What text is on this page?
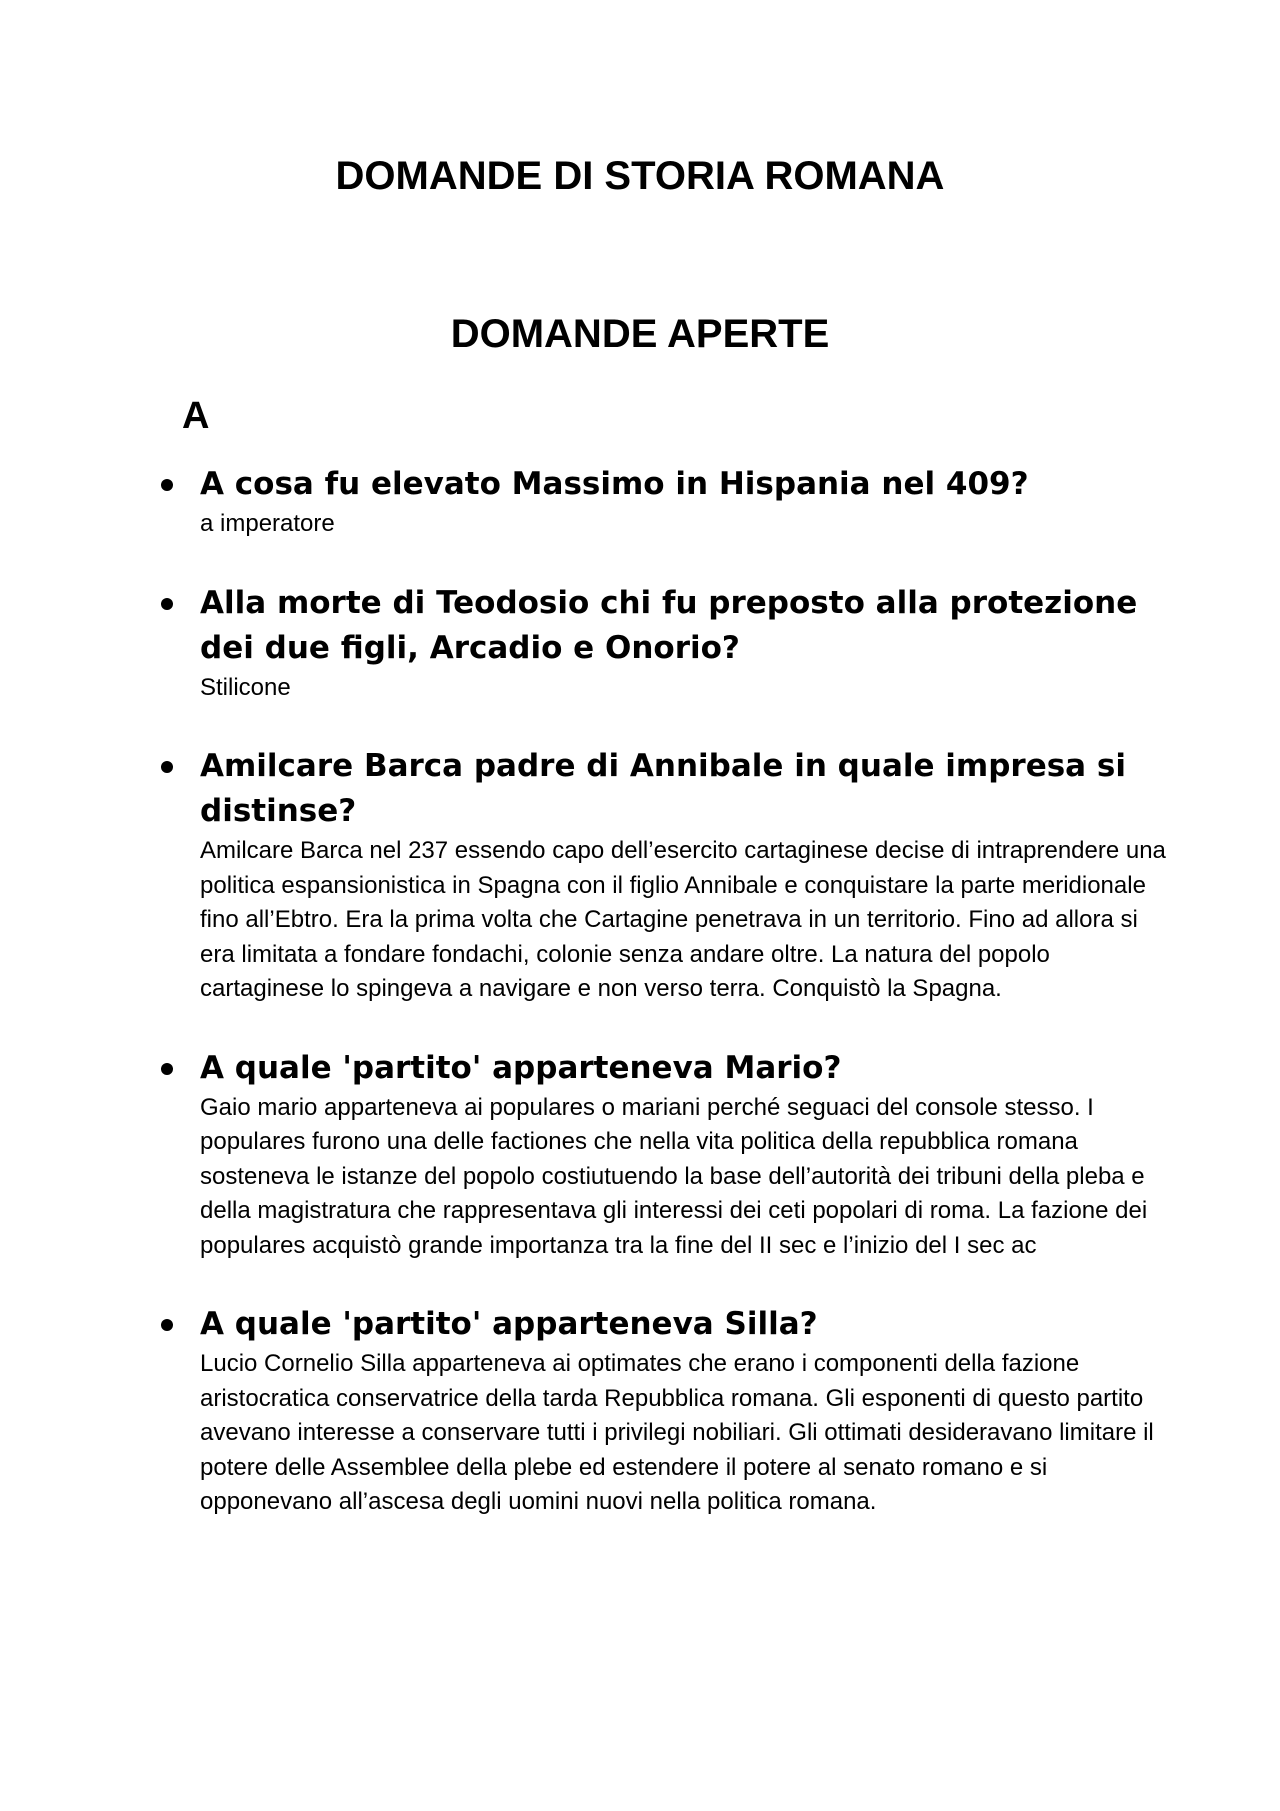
DOMANDE DI STORIA ROMANA
DOMANDE APERTE
A

A cosa fu elevato Massimo in Hispania nel 409?

a imperatore

Alla morte di Teodosio chi fu preposto alla protezione dei due figli, Arcadio e Onorio?

Stilicone

Amilcare Barca padre di Annibale in quale impresa si distinse?

Amilcare Barca nel 237 essendo capo dell’esercito cartaginese decise di intraprendere una politica espansionistica in Spagna con il figlio Annibale e conquistare la parte meridionale fino all’Ebtro. Era la prima volta che Cartagine penetrava in un territorio. Fino ad allora si era limitata a fondare fondachi, colonie senza andare oltre. La natura del popolo cartaginese lo spingeva a navigare e non verso terra. Conquistò la Spagna.

A quale 'partito' apparteneva Mario?

Gaio mario apparteneva ai populares o mariani perché seguaci del console stesso. I populares furono una delle factiones che nella vita politica della repubblica romana sosteneva le istanze del popolo costiutuendo la base dell’autorità dei tribuni della pleba e della magistratura che rappresentava gli interessi dei ceti popolari di roma. La fazione dei populares acquistò grande importanza tra la fine del II sec e l’inizio del I sec ac

A quale 'partito' apparteneva Silla?

Lucio Cornelio Silla apparteneva ai optimates che erano i componenti della fazione aristocratica conservatrice della tarda Repubblica romana. Gli esponenti di questo partito avevano interesse a conservare tutti i privilegi nobiliari. Gli ottimati desideravano limitare il potere delle Assemblee della plebe ed estendere il potere al senato romano e si opponevano all’ascesa degli uomini nuovi nella politica romana.
